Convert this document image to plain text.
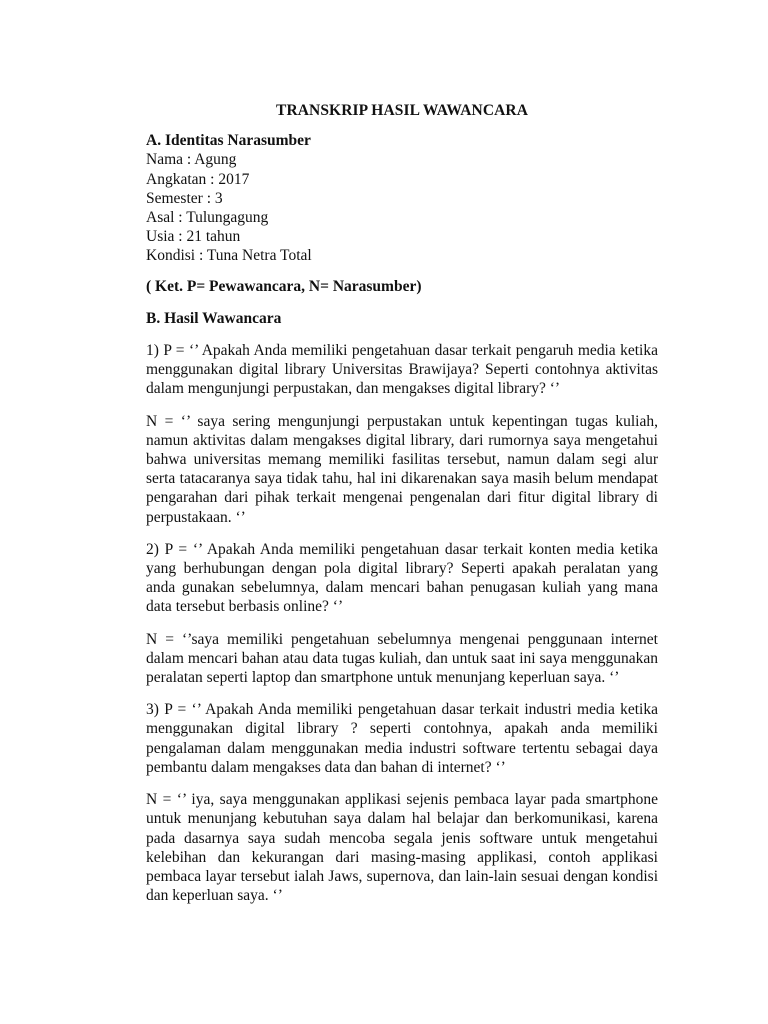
TRANSKRIP HASIL WAWANCARA

A. Identitas Narasumber

Nama : Agung

Angkatan : 2017

Semester : 3

Asal : Tulungagung

Usia : 21 tahun

Kondisi : Tuna Netra Total

( Ket. P= Pewawancara, N= Narasumber)

B. Hasil Wawancara

1) P = ‘’ Apakah Anda memiliki pengetahuan dasar terkait pengaruh media ketika menggunakan digital library Universitas Brawijaya? Seperti contohnya aktivitas dalam mengunjungi perpustakan, dan mengakses digital library? ‘’

N = ‘’ saya sering mengunjungi perpustakan untuk kepentingan tugas kuliah, namun aktivitas dalam mengakses digital library, dari rumornya saya mengetahui bahwa universitas memang memiliki fasilitas tersebut, namun dalam segi alur serta tatacaranya saya tidak tahu, hal ini dikarenakan saya masih belum mendapat pengarahan dari pihak terkait mengenai pengenalan dari fitur digital library di perpustakaan. ‘’

2) P = ‘’ Apakah Anda memiliki pengetahuan dasar terkait konten media ketika yang berhubungan dengan pola digital library? Seperti apakah peralatan yang anda gunakan sebelumnya, dalam mencari bahan penugasan kuliah yang mana data tersebut berbasis online? ‘’

N = ‘’saya memiliki pengetahuan sebelumnya mengenai penggunaan internet dalam mencari bahan atau data tugas kuliah, dan untuk saat ini saya menggunakan peralatan seperti laptop dan smartphone untuk menunjang keperluan saya. ‘’

3) P = ‘’ Apakah Anda memiliki pengetahuan dasar terkait industri media ketika menggunakan digital library ? seperti contohnya, apakah anda memiliki pengalaman dalam menggunakan media industri software tertentu sebagai daya pembantu dalam mengakses data dan bahan di internet? ‘’

N = ‘’ iya, saya menggunakan applikasi sejenis pembaca layar pada smartphone untuk menunjang kebutuhan saya dalam hal belajar dan berkomunikasi, karena pada dasarnya saya sudah mencoba segala jenis software untuk mengetahui kelebihan dan kekurangan dari masing-masing applikasi, contoh applikasi pembaca layar tersebut ialah Jaws, supernova, dan lain-lain sesuai dengan kondisi dan keperluan saya. ‘’
